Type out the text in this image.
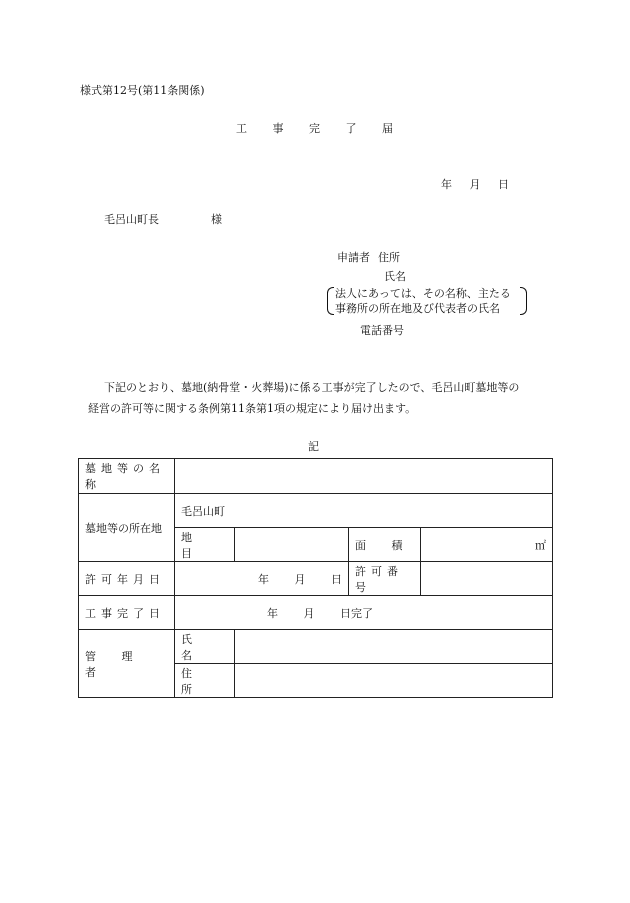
様式第12号(第11条関係)
工 事 完 了 届
年 月 日
毛呂山町長	様
申請者 住所
氏名
法人にあっては、その名称、主たる
事務所の所在地及び代表者の氏名
電話番号
下記のとおり、墓地(納骨堂・火葬場)に係る工事が完了したので、毛呂山町墓地等の
経営の許可等に関する条例第11条第1項の規定により届け出ます。
記
墓地等の名称				
墓地等の所在地	毛呂山町			
	地 目		面 積	㎡
許可年月日	年 月 日		許可番号	
工事完了日	年 月 日完了			
管 理 者	氏 名			
	住 所			
